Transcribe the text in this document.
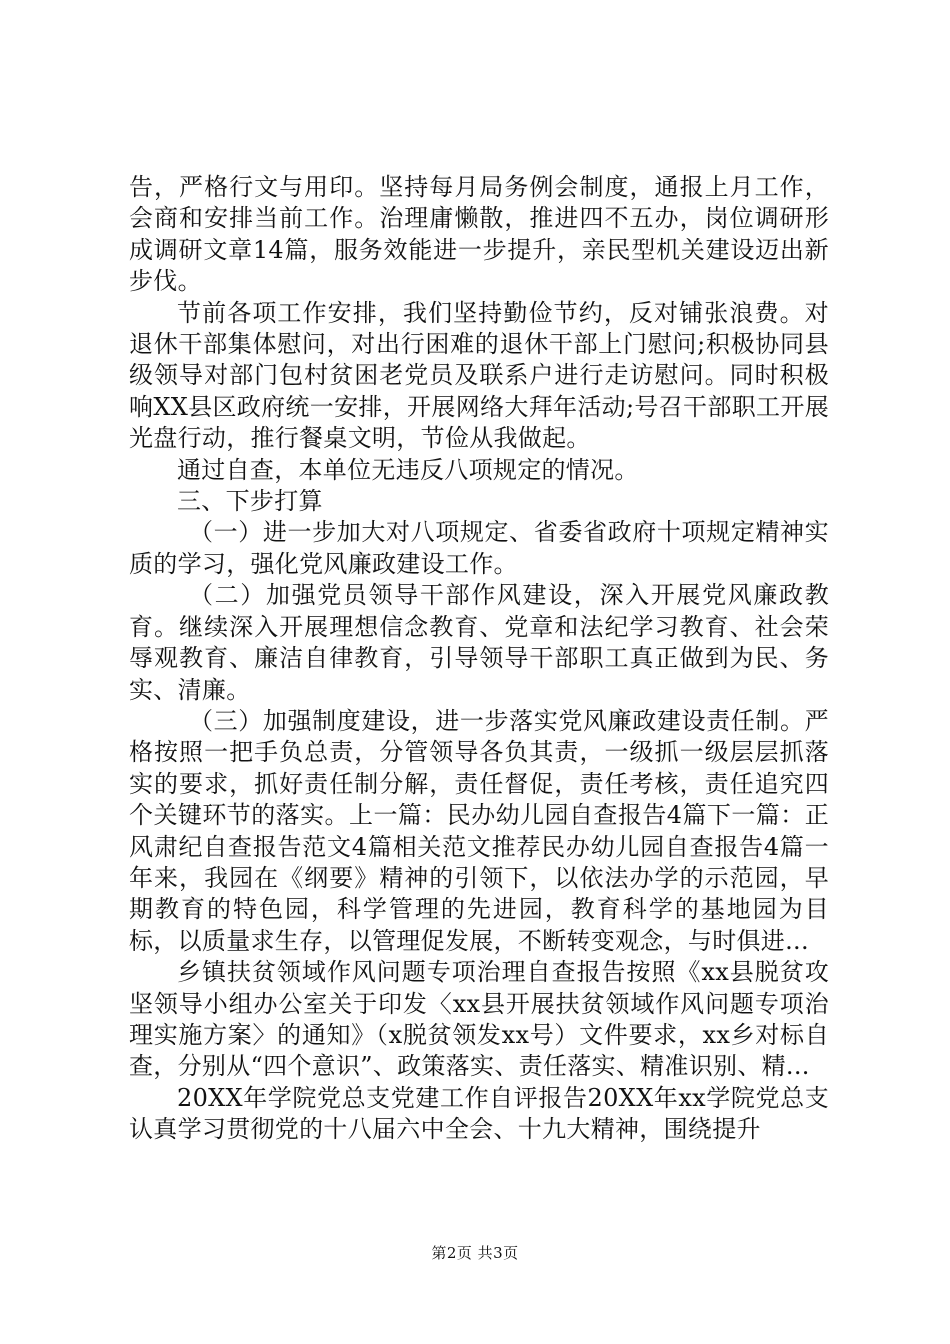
告，严格行文与用印。坚持每月局务例会制度，通报上月工作，会商和安排当前工作。治理庸懒散，推进四不五办，岗位调研形成调研文章14篇，服务效能进一步提升，亲民型机关建设迈出新步伐。

节前各项工作安排，我们坚持勤俭节约，反对铺张浪费。对退休干部集体慰问，对出行困难的退休干部上门慰问;积极协同县级领导对部门包村贫困老党员及联系户进行走访慰问。同时积极响XX县区政府统一安排，开展网络大拜年活动;号召干部职工开展光盘行动，推行餐桌文明，节俭从我做起。

通过自查，本单位无违反八项规定的情况。

三、下步打算

（一）进一步加大对八项规定、省委省政府十项规定精神实质的学习，强化党风廉政建设工作。

（二）加强党员领导干部作风建设，深入开展党风廉政教育。继续深入开展理想信念教育、党章和法纪学习教育、社会荣辱观教育、廉洁自律教育，引导领导干部职工真正做到为民、务实、清廉。

（三）加强制度建设，进一步落实党风廉政建设责任制。严格按照一把手负总责，分管领导各负其责，一级抓一级层层抓落实的要求，抓好责任制分解，责任督促，责任考核，责任追究四个关键环节的落实。上一篇：民办幼儿园自查报告4篇下一篇：正风肃纪自查报告范文4篇相关范文推荐民办幼儿园自查报告4篇一年来，我园在《纲要》精神的引领下，以依法办学的示范园，早期教育的特色园，科学管理的先进园，教育科学的基地园为目标，以质量求生存，以管理促发展，不断转变观念，与时俱进...

乡镇扶贫领域作风问题专项治理自查报告按照《xx县脱贫攻坚领导小组办公室关于印发〈xx县开展扶贫领域作风问题专项治理实施方案〉的通知》（x脱贫领发xx号）文件要求，xx乡对标自查，分别从“四个意识”、政策落实、责任落实、精准识别、精...

20XX年学院党总支党建工作自评报告20XX年xx学院党总支认真学习贯彻党的十八届六中全会、十九大精神，围绕提升

第2页 共3页
